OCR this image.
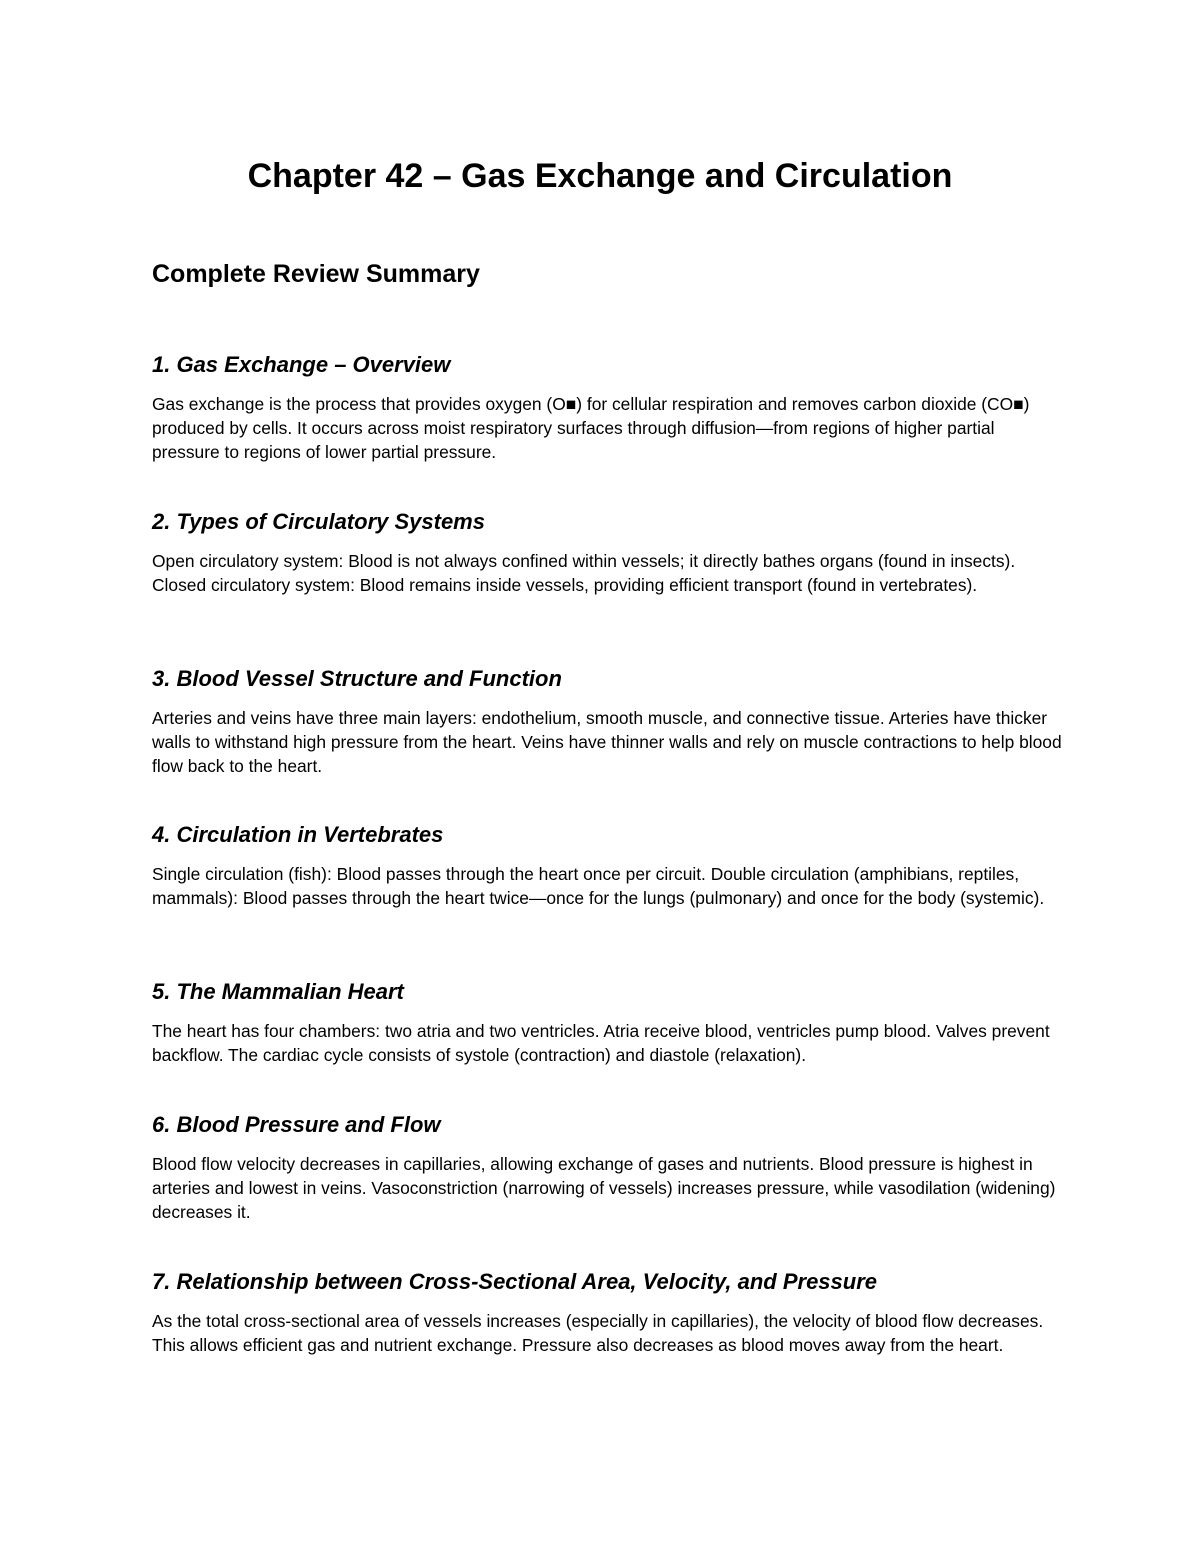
Chapter 42 – Gas Exchange and Circulation
Complete Review Summary
1. Gas Exchange – Overview

Gas exchange is the process that provides oxygen (O■) for cellular respiration and removes carbon dioxide (CO■) produced by cells. It occurs across moist respiratory surfaces through diffusion—from regions of higher partial pressure to regions of lower partial pressure.

2. Types of Circulatory Systems

Open circulatory system: Blood is not always confined within vessels; it directly bathes organs (found in insects). Closed circulatory system: Blood remains inside vessels, providing efficient transport (found in vertebrates).

3. Blood Vessel Structure and Function

Arteries and veins have three main layers: endothelium, smooth muscle, and connective tissue. Arteries have thicker walls to withstand high pressure from the heart. Veins have thinner walls and rely on muscle contractions to help blood flow back to the heart.

4. Circulation in Vertebrates

Single circulation (fish): Blood passes through the heart once per circuit. Double circulation (amphibians, reptiles, mammals): Blood passes through the heart twice—once for the lungs (pulmonary) and once for the body (systemic).

5. The Mammalian Heart

The heart has four chambers: two atria and two ventricles. Atria receive blood, ventricles pump blood. Valves prevent backflow. The cardiac cycle consists of systole (contraction) and diastole (relaxation).

6. Blood Pressure and Flow

Blood flow velocity decreases in capillaries, allowing exchange of gases and nutrients. Blood pressure is highest in arteries and lowest in veins. Vasoconstriction (narrowing of vessels) increases pressure, while vasodilation (widening) decreases it.

7. Relationship between Cross-Sectional Area, Velocity, and Pressure

As the total cross-sectional area of vessels increases (especially in capillaries), the velocity of blood flow decreases. This allows efficient gas and nutrient exchange. Pressure also decreases as blood moves away from the heart.
